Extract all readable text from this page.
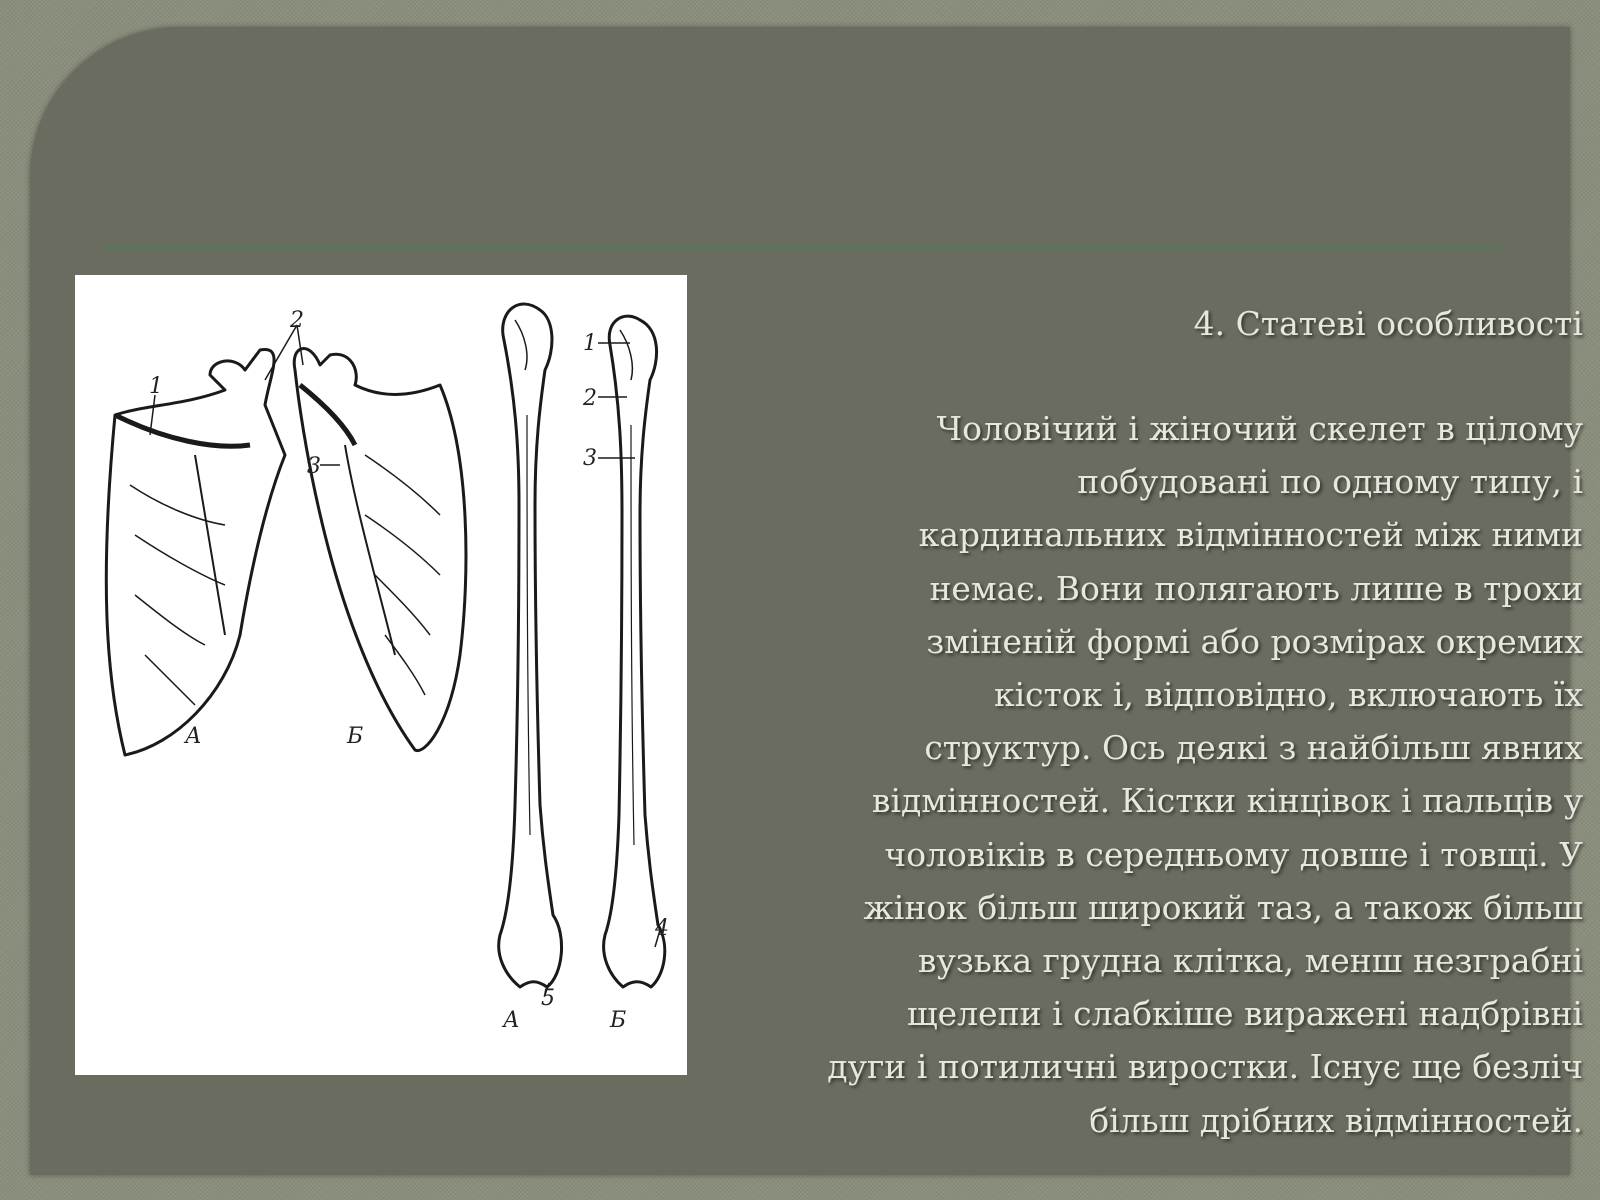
2
1
3
А	Б
1
2
3
4
5
А	Б
4. Статеві особливості

Чоловічий і жіночий скелет в цілому

побудовані по одному типу, і

кардинальних відмінностей між ними

немає. Вони полягають лише в трохи

зміненій формі або розмірах окремих

кісток і, відповідно, включають їх

структур. Ось деякі з найбільш явних

відмінностей. Кістки кінцівок і пальців у

чоловіків в середньому довше і товщі. У

жінок більш широкий таз, а також більш

вузька грудна клітка, менш незграбні

щелепи і слабкіше виражені надбрівні

дуги і потиличні виростки. Існує ще безліч

більш дрібних відмінностей.
